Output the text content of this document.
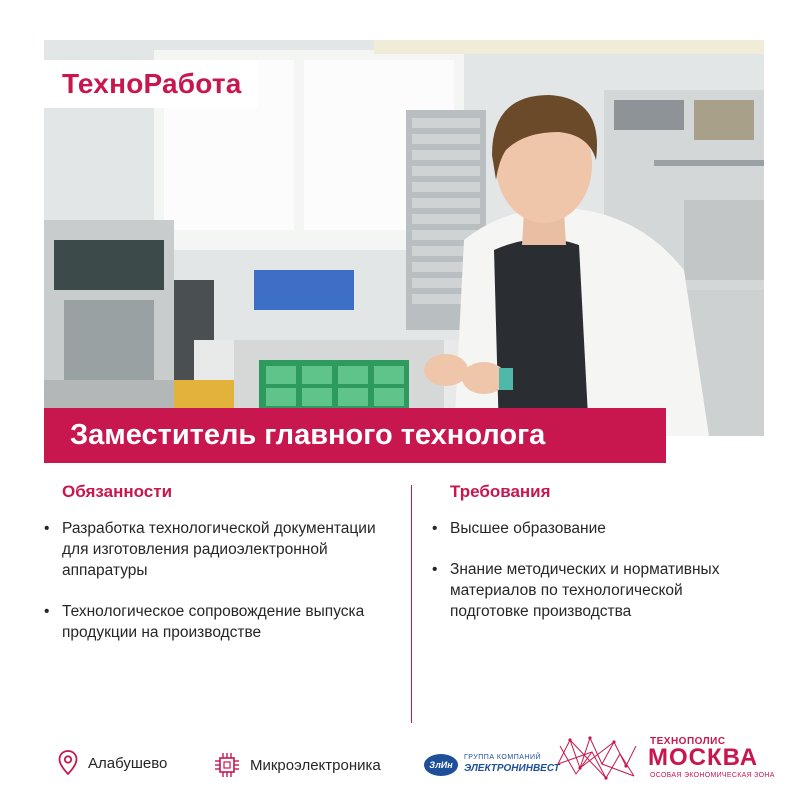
ТехноРабота
Заместитель главного технолога
Обязанности
• Разработка технологической документации для изготовления радиоэлектронной аппаратуры
• Технологическое сопровождение выпуска продукции на производстве
Требования
• Высшее образование
• Знание методических и нормативных материалов по технологической подготовке производства
Алабушево	Микроэлектроника	ЗлИн
ГРУППА КОМПАНИЙ
ЭЛЕКТРОНИНВЕСТ
ТЕХНОПОЛИС
МОСКВА
ОСОБАЯ ЭКОНОМИЧЕСКАЯ ЗОНА
